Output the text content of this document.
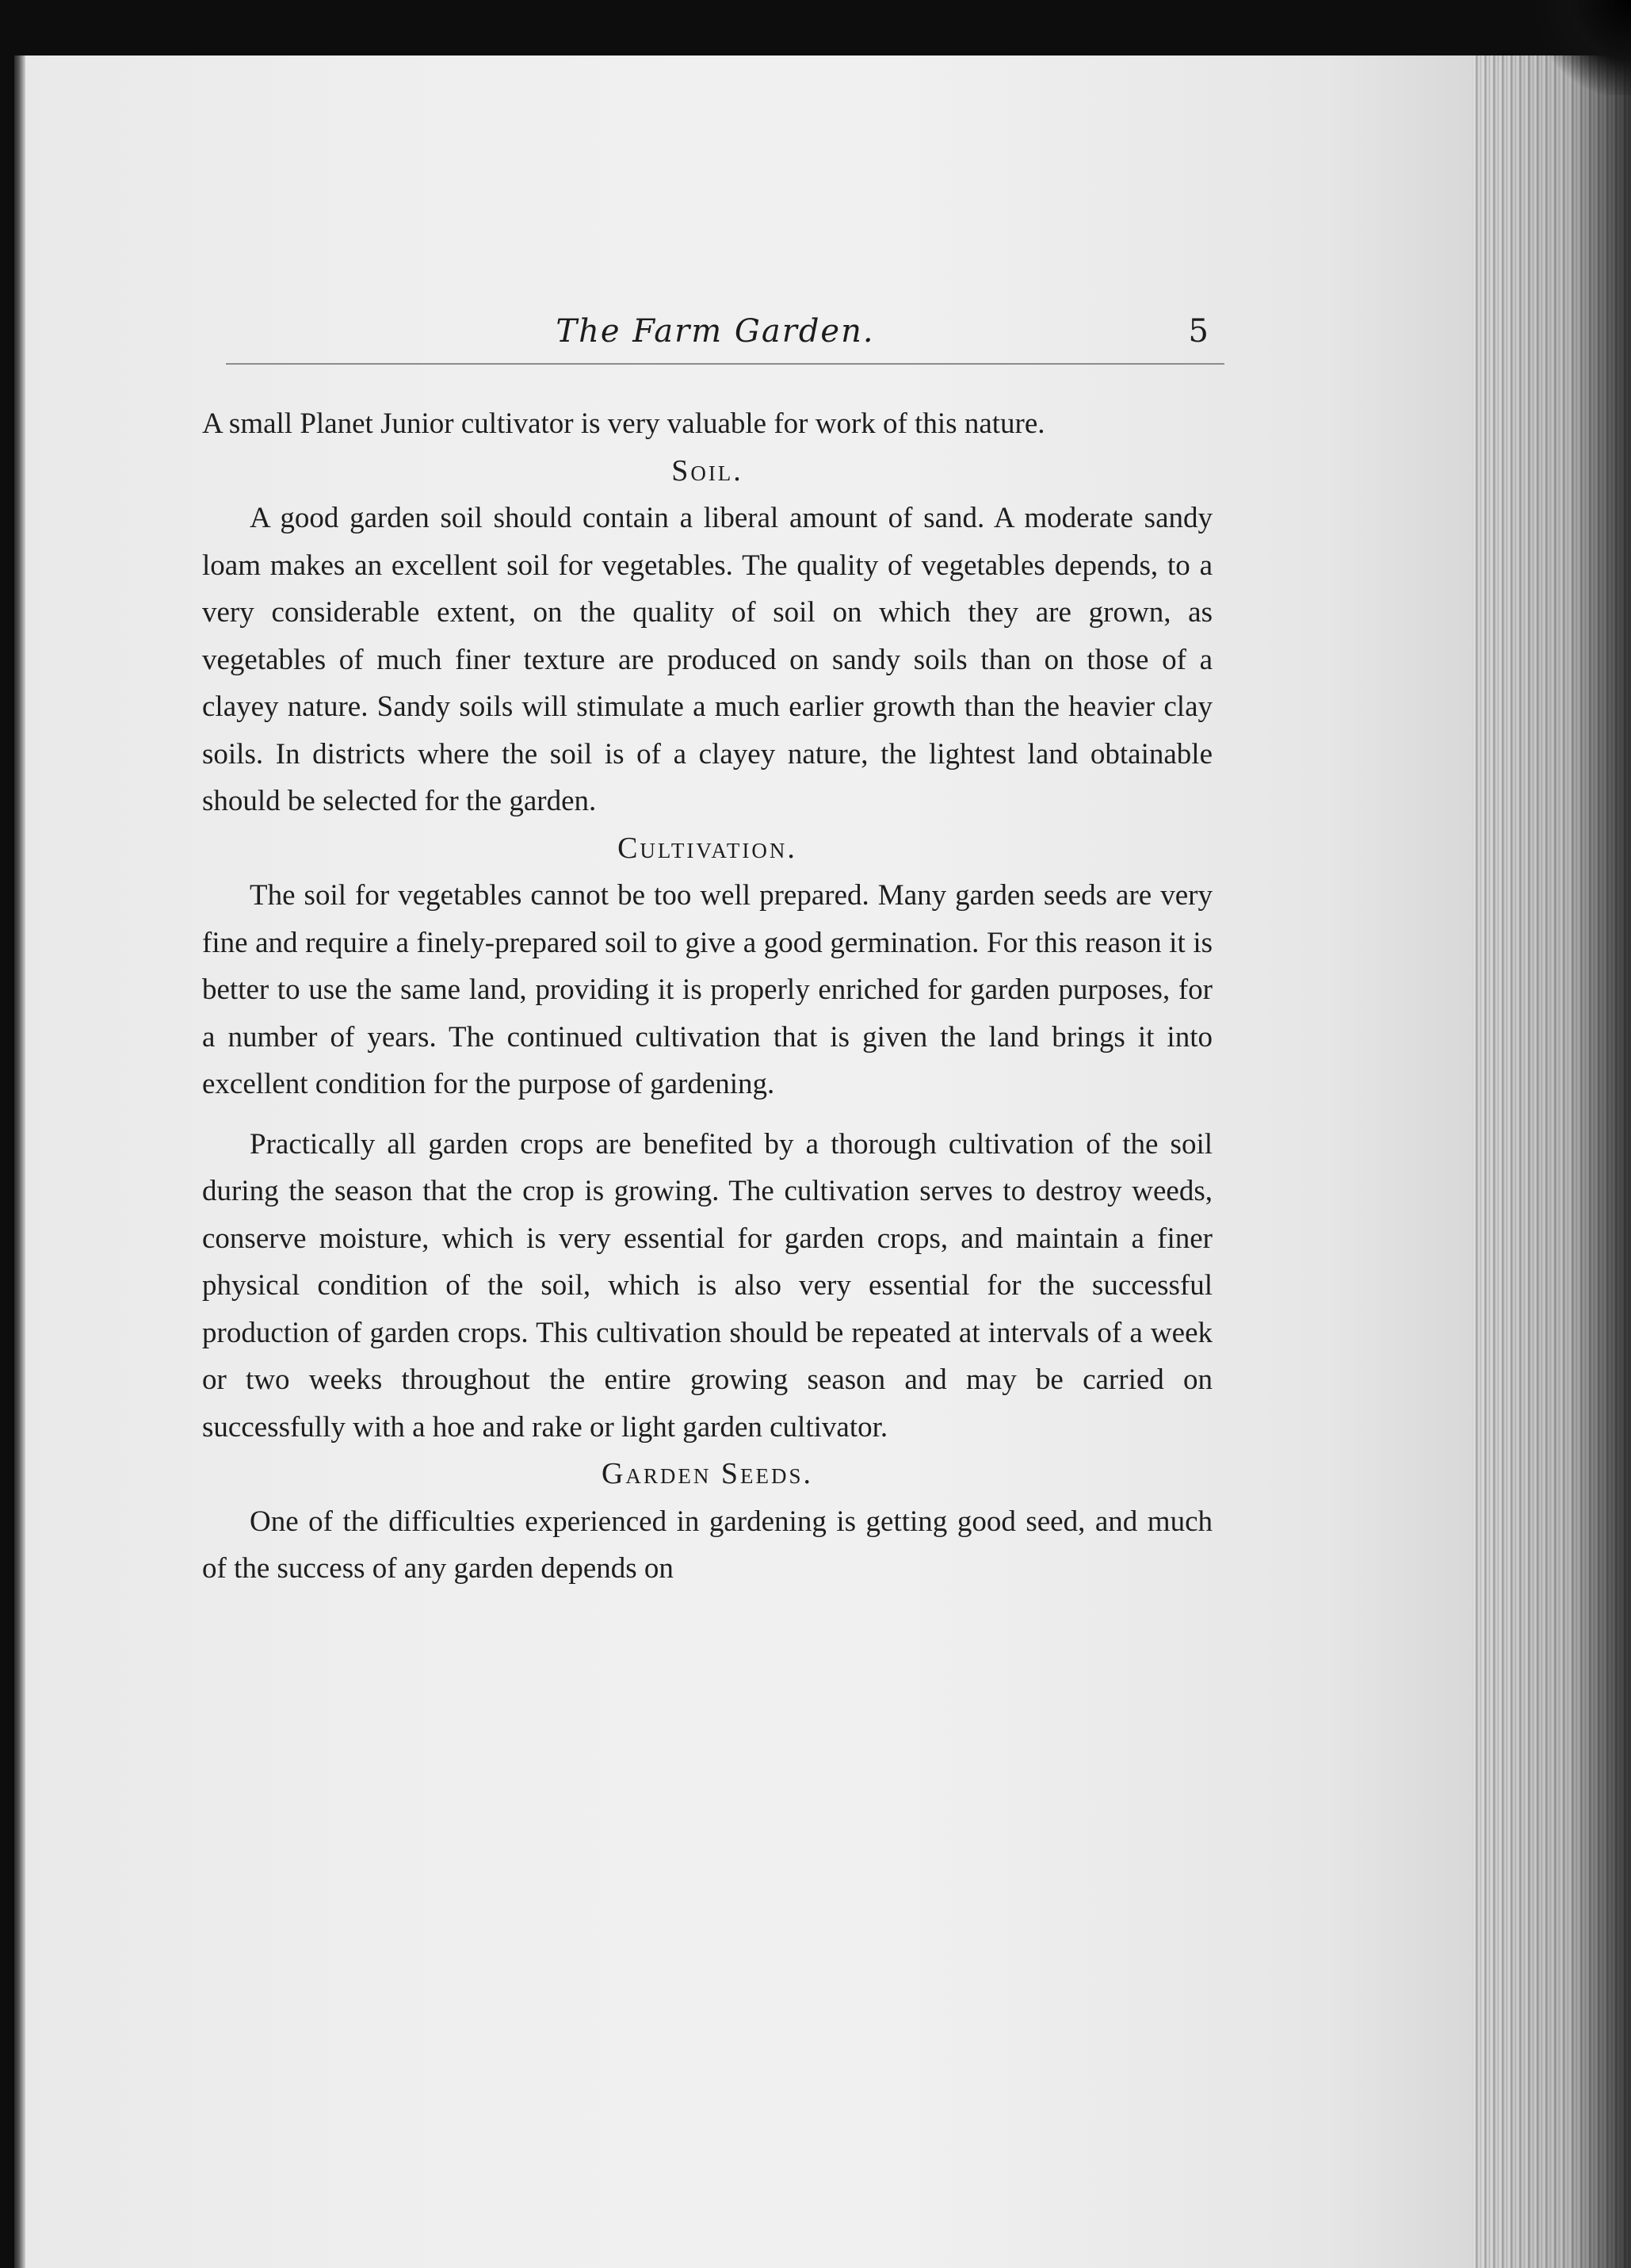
The Farm Garden.	5

A small Planet Junior cultivator is very valuable for work of this nature.

Soil.

A good garden soil should contain a liberal amount of sand. A moderate sandy loam makes an excellent soil for vegetables. The quality of vegetables depends, to a very considerable extent, on the quality of soil on which they are grown, as vegetables of much finer texture are produced on sandy soils than on those of a clayey nature. Sandy soils will stimulate a much earlier growth than the heavier clay soils. In districts where the soil is of a clayey nature, the lightest land obtainable should be selected for the garden.

Cultivation.

The soil for vegetables cannot be too well prepared. Many garden seeds are very fine and require a finely-prepared soil to give a good germination. For this reason it is better to use the same land, providing it is properly enriched for garden purposes, for a number of years. The continued cultivation that is given the land brings it into excellent condition for the purpose of gardening.

Practically all garden crops are benefited by a thorough cultivation of the soil during the season that the crop is growing. The cultivation serves to destroy weeds, conserve moisture, which is very essential for garden crops, and maintain a finer physical condition of the soil, which is also very essential for the successful production of garden crops. This cultivation should be repeated at intervals of a week or two weeks throughout the entire growing season and may be carried on successfully with a hoe and rake or light garden cultivator.

Garden Seeds.

One of the difficulties experienced in gardening is getting good seed, and much of the success of any garden depends on
